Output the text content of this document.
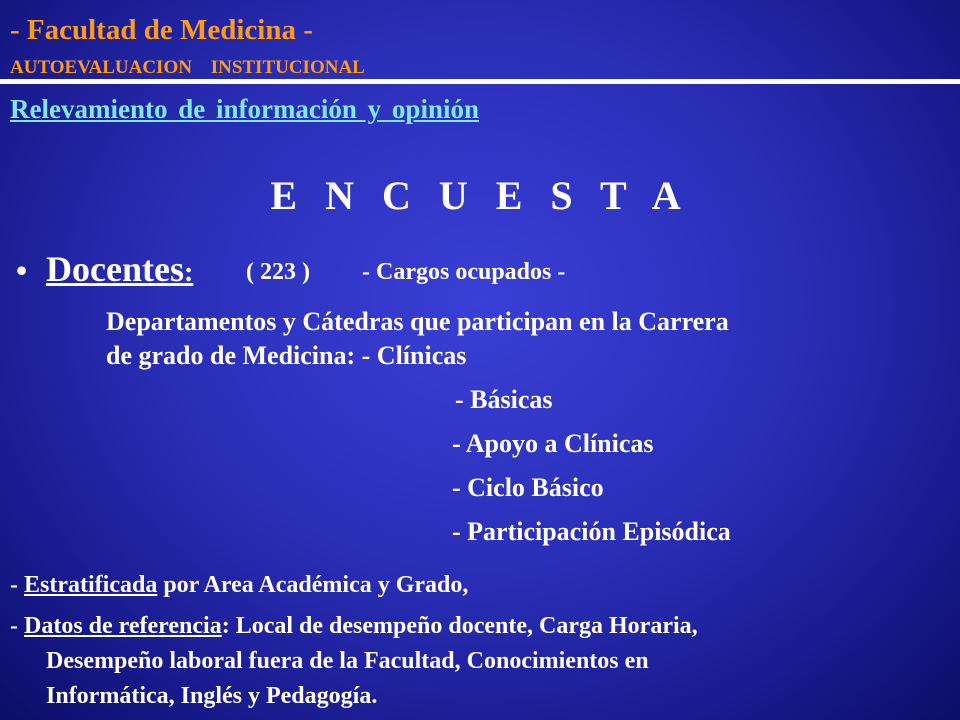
- Facultad de Medicina -
AUTOEVALUACION INSTITUCIONAL
Relevamiento de información y opinión
E N C U E S T A
• Docentes: ( 223 ) - Cargos ocupados -
Departamentos y Cátedras que participan en la Carrera
de grado de Medicina: - Clínicas
- Básicas
- Apoyo a Clínicas
- Ciclo Básico
- Participación Episódica
- Estratificada por Area Académica y Grado,
- Datos de referencia: Local de desempeño docente, Carga Horaria,
Desempeño laboral fuera de la Facultad, Conocimientos en
Informática, Inglés y Pedagogía.
